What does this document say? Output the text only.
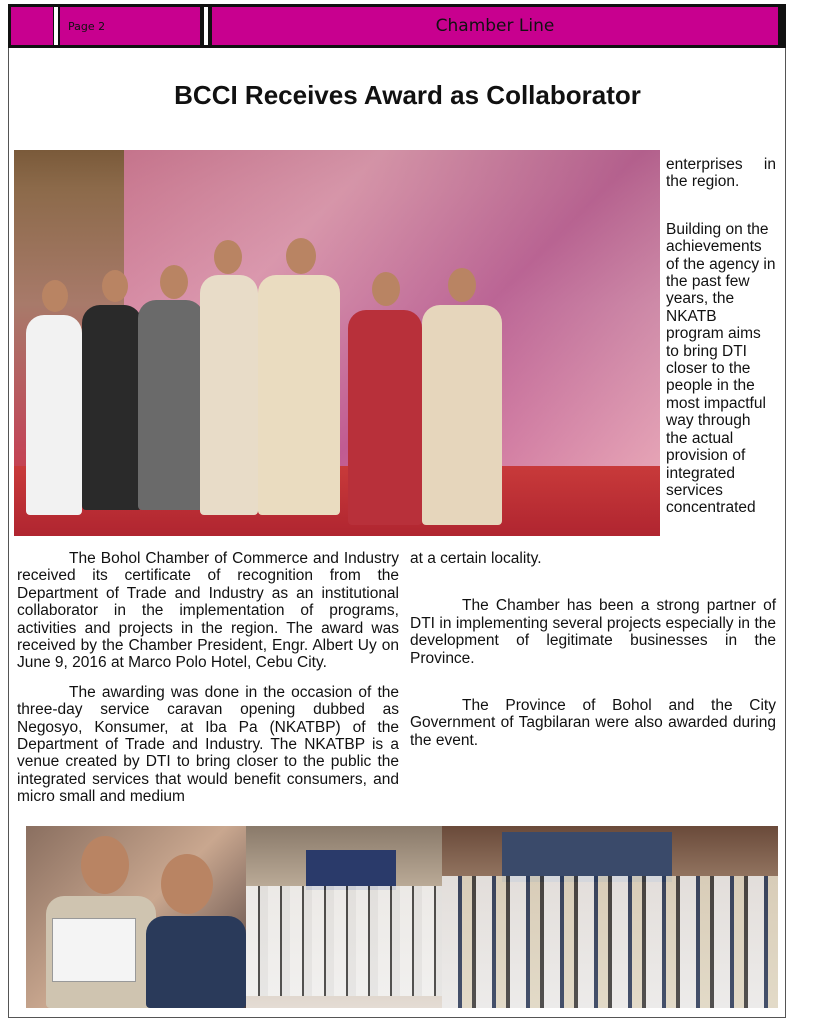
Page 2	Chamber Line
BCCI Receives Award as Collaborator

enterprises in the region.

Building on the achievements of the agency in the past few years, the NKATB program aims to bring DTI closer to the people in the most impactful way through the actual provision of integrated services concentrated

The Bohol Chamber of Commerce and Industry received its certificate of recognition from the Department of Trade and Industry as an institutional collaborator in the implementation of programs, activities and projects in the region. The award was received by the Chamber President, Engr. Albert Uy on June 9, 2016 at Marco Polo Hotel, Cebu City.

The awarding was done in the occasion of the three-day service caravan opening dubbed as Negosyo, Konsumer, at Iba Pa (NKATBP) of the Department of Trade and Industry. The NKATBP is a venue created by DTI to bring closer to the public the integrated services that would benefit consumers, and micro small and medium

at a certain locality.

The Chamber has been a strong partner of DTI in implementing several projects especially in the development of legitimate businesses in the Province.

The Province of Bohol and the City Government of Tagbilaran were also awarded during the event.
